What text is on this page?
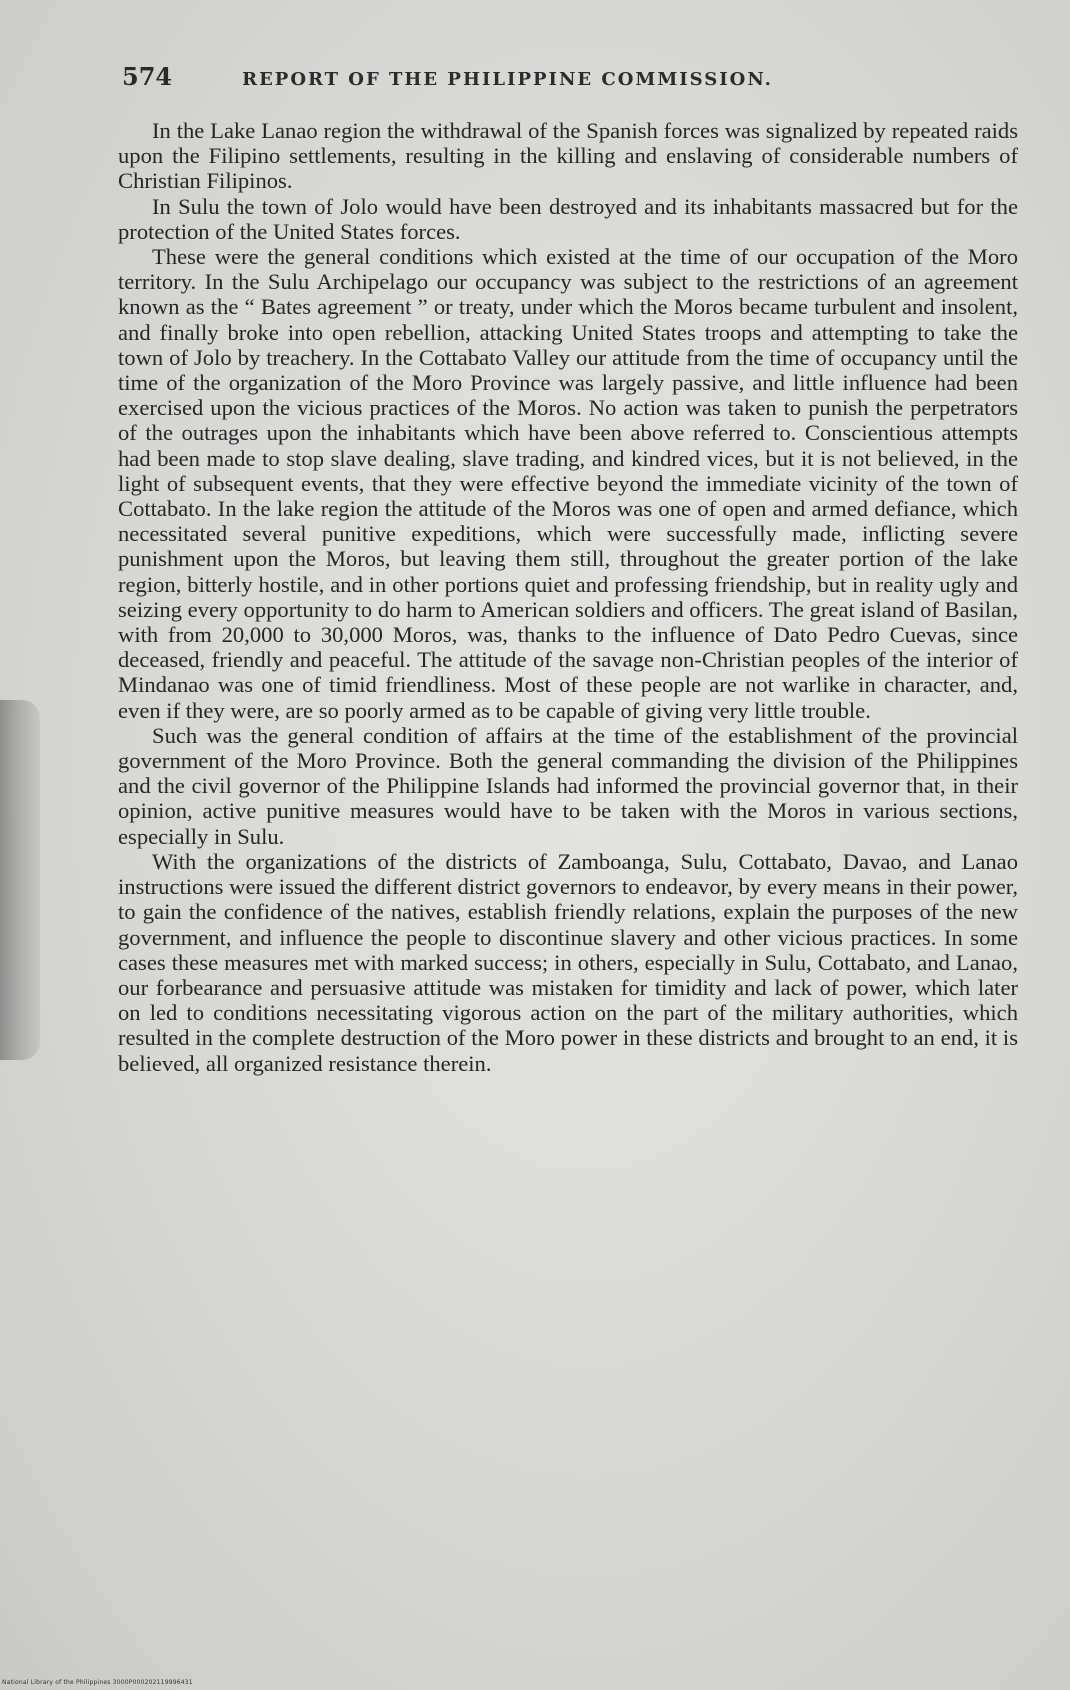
574	REPORT OF THE PHILIPPINE COMMISSION.

In the Lake Lanao region the withdrawal of the Spanish forces was signalized by repeated raids upon the Filipino settlements, resulting in the killing and enslaving of considerable numbers of Christian Filipinos.

In Sulu the town of Jolo would have been destroyed and its inhabitants massacred but for the protection of the United States forces.

These were the general conditions which existed at the time of our occupation of the Moro territory. In the Sulu Archipelago our occupancy was subject to the restrictions of an agreement known as the “ Bates agreement ” or treaty, under which the Moros became turbulent and insolent, and finally broke into open rebellion, attacking United States troops and attempting to take the town of Jolo by treachery. In the Cottabato Valley our attitude from the time of occupancy until the time of the organization of the Moro Province was largely passive, and little influence had been exercised upon the vicious practices of the Moros. No action was taken to punish the perpetrators of the outrages upon the inhabitants which have been above referred to. Conscientious attempts had been made to stop slave dealing, slave trading, and kindred vices, but it is not believed, in the light of subsequent events, that they were effective beyond the immediate vicinity of the town of Cottabato. In the lake region the attitude of the Moros was one of open and armed defiance, which necessitated several punitive expeditions, which were successfully made, inflicting severe punishment upon the Moros, but leaving them still, throughout the greater portion of the lake region, bitterly hostile, and in other portions quiet and professing friendship, but in reality ugly and seizing every opportunity to do harm to American soldiers and officers. The great island of Basilan, with from 20,000 to 30,000 Moros, was, thanks to the influence of Dato Pedro Cuevas, since deceased, friendly and peaceful. The attitude of the savage non-Christian peoples of the interior of Mindanao was one of timid friendliness. Most of these people are not warlike in character, and, even if they were, are so poorly armed as to be capable of giving very little trouble.

Such was the general condition of affairs at the time of the establishment of the provincial government of the Moro Province. Both the general commanding the division of the Philippines and the civil governor of the Philippine Islands had informed the provincial governor that, in their opinion, active punitive measures would have to be taken with the Moros in various sections, especially in Sulu.

With the organizations of the districts of Zamboanga, Sulu, Cottabato, Davao, and Lanao instructions were issued the different district governors to endeavor, by every means in their power, to gain the confidence of the natives, establish friendly relations, explain the purposes of the new government, and influence the people to discontinue slavery and other vicious practices. In some cases these measures met with marked success; in others, especially in Sulu, Cottabato, and Lanao, our forbearance and persuasive attitude was mistaken for timidity and lack of power, which later on led to conditions necessitating vigorous action on the part of the military authorities, which resulted in the complete destruction of the Moro power in these districts and brought to an end, it is believed, all organized resistance therein.

National Library of the Philippines 3000P000202119996431
